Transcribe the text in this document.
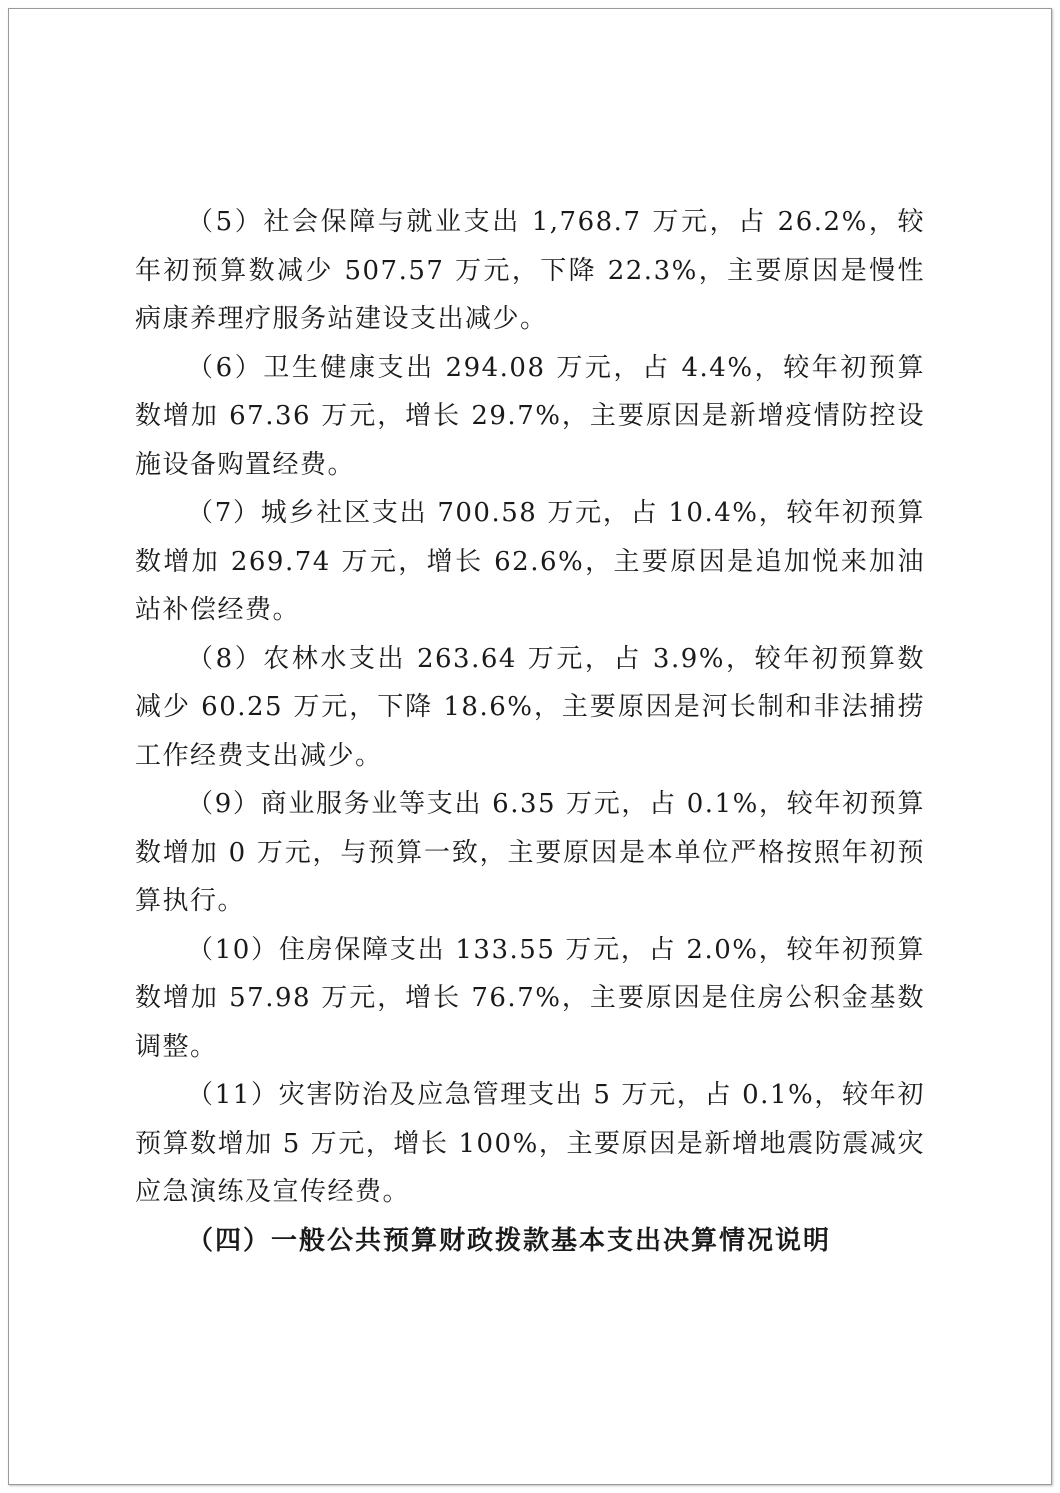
（5）社会保障与就业支出 1,768.7 万元，占 26.2%，较年初预算数减少 507.57 万元，下降 22.3%，主要原因是慢性病康养理疗服务站建设支出减少。

（6）卫生健康支出 294.08 万元，占 4.4%，较年初预算数增加 67.36 万元，增长 29.7%，主要原因是新增疫情防控设施设备购置经费。

（7）城乡社区支出 700.58 万元，占 10.4%，较年初预算数增加 269.74 万元，增长 62.6%，主要原因是追加悦来加油站补偿经费。

（8）农林水支出 263.64 万元，占 3.9%，较年初预算数减少 60.25 万元，下降 18.6%，主要原因是河长制和非法捕捞工作经费支出减少。

（9）商业服务业等支出 6.35 万元，占 0.1%，较年初预算数增加 0 万元，与预算一致，主要原因是本单位严格按照年初预算执行。

（10）住房保障支出 133.55 万元，占 2.0%，较年初预算数增加 57.98 万元，增长 76.7%，主要原因是住房公积金基数调整。

（11）灾害防治及应急管理支出 5 万元，占 0.1%，较年初预算数增加 5 万元，增长 100%，主要原因是新增地震防震减灾应急演练及宣传经费。

（四）一般公共预算财政拨款基本支出决算情况说明
